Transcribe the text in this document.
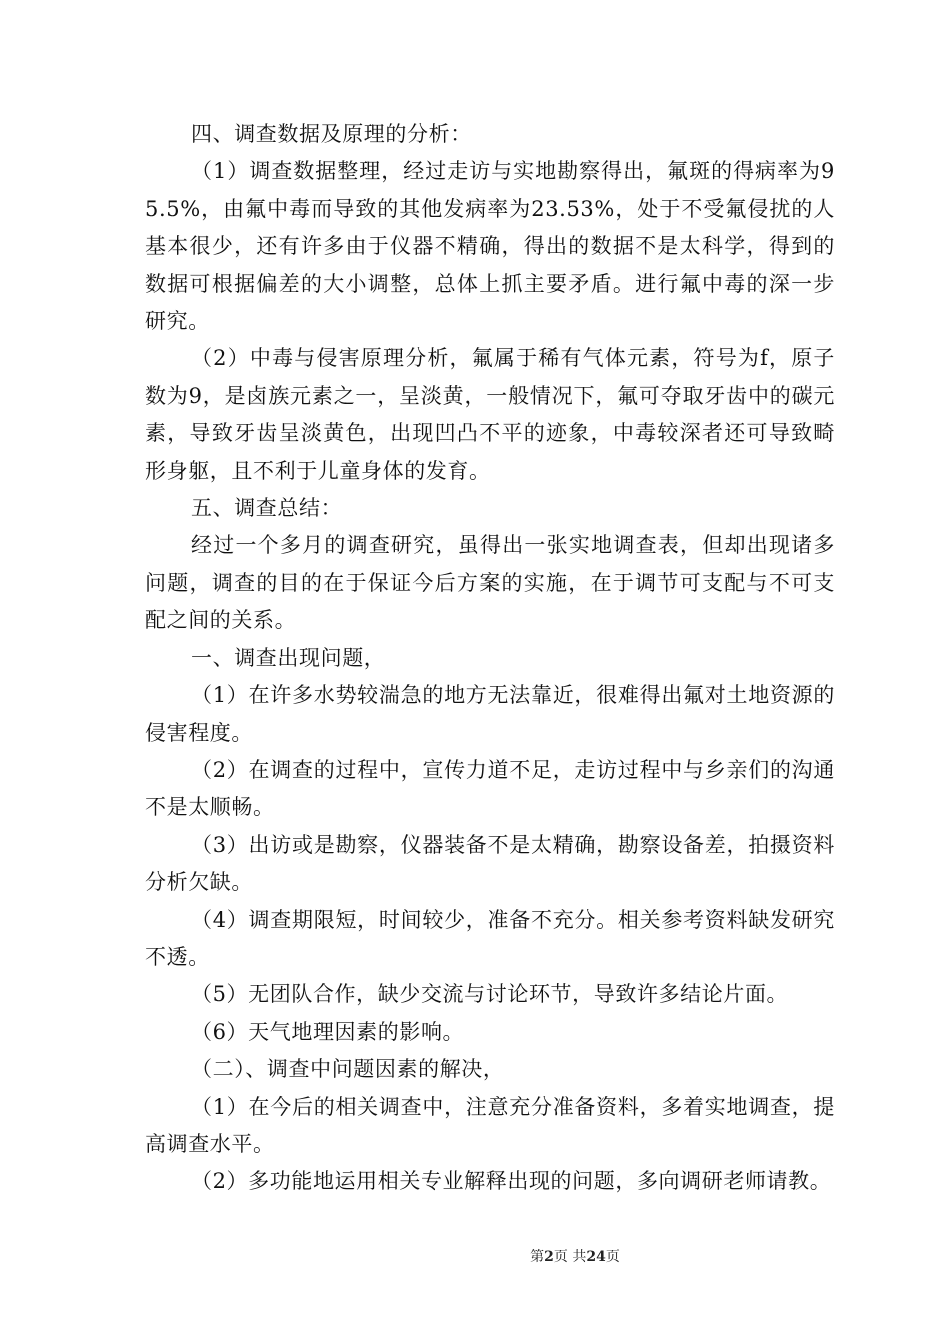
四、调查数据及原理的分析：

（1）调查数据整理，经过走访与实地勘察得出，氟斑的得病率为95.5%，由氟中毒而导致的其他发病率为23.53%，处于不受氟侵扰的人基本很少，还有许多由于仪器不精确，得出的数据不是太科学，得到的数据可根据偏差的大小调整，总体上抓主要矛盾。进行氟中毒的深一步研究。

（2）中毒与侵害原理分析，氟属于稀有气体元素，符号为f，原子数为9，是卤族元素之一，呈淡黄，一般情况下，氟可夺取牙齿中的碳元素，导致牙齿呈淡黄色，出现凹凸不平的迹象，中毒较深者还可导致畸形身躯，且不利于儿童身体的发育。

五、调查总结：

经过一个多月的调查研究，虽得出一张实地调查表，但却出现诸多问题，调查的目的在于保证今后方案的实施，在于调节可支配与不可支配之间的关系。

一、调查出现问题，

（1）在许多水势较湍急的地方无法靠近，很难得出氟对土地资源的侵害程度。

（2）在调查的过程中，宣传力道不足，走访过程中与乡亲们的沟通不是太顺畅。

（3）出访或是勘察，仪器装备不是太精确，勘察设备差，拍摄资料分析欠缺。

（4）调查期限短，时间较少，准备不充分。相关参考资料缺发研究不透。

（5）无团队合作，缺少交流与讨论环节，导致许多结论片面。

（6）天气地理因素的影响。

（二）、调查中问题因素的解决，

（1）在今后的相关调查中，注意充分准备资料，多着实地调查，提高调查水平。

（2）多功能地运用相关专业解释出现的问题，多向调研老师请教。

第2页 共24页
